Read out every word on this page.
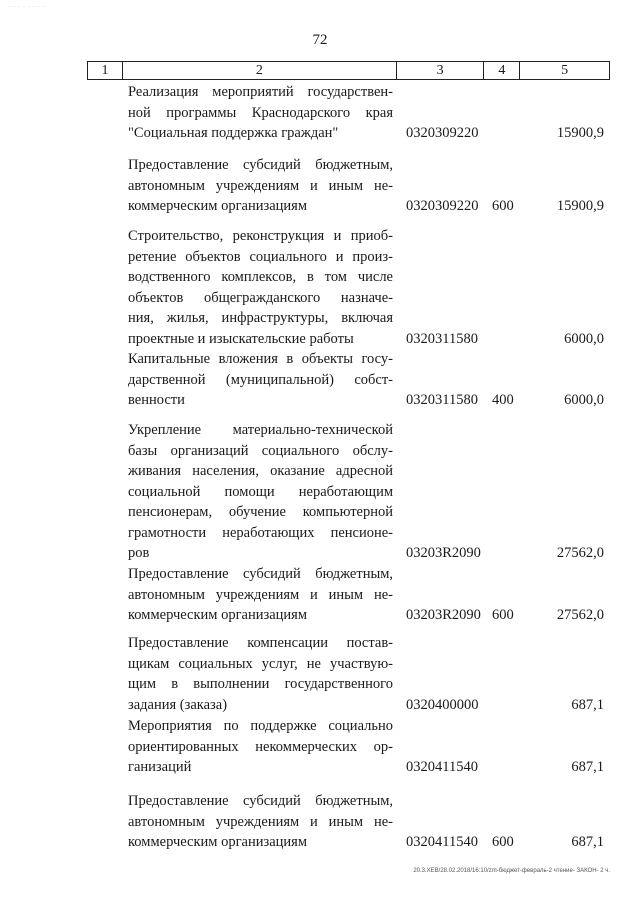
· · · · · · · ·
72
1	2	3	4	5
Реализация мероприятий государствен-
ной программы Краснодарского края
"Социальная поддержка граждан"	0320309220	15900,9
Предоставление субсидий бюджетным,
автономным учреждениям и иным не-
коммерческим организациям	0320309220 600	15900,9
Строительство, реконструкция и приоб-
ретение объектов социального и произ-
водственного комплексов, в том числе
объектов общегражданского назначе-
ния, жилья, инфраструктуры, включая
проектные и изыскательские работы	0320311580	6000,0
Капитальные вложения в объекты госу-
дарственной (муниципальной) собст-
венности	0320311580 400	6000,0
Укрепление материально-технической
базы организаций социального обслу-
живания населения, оказание адресной
социальной помощи неработающим
пенсионерам, обучение компьютерной
грамотности неработающих пенсионе-
ров	03203R2090	27562,0
Предоставление субсидий бюджетным,
автономным учреждениям и иным не-
коммерческим организациям	03203R2090 600	27562,0
Предоставление компенсации постав-
щикам социальных услуг, не участвую-
щим в выполнении государственного
задания (заказа)	0320400000	687,1
Мероприятия по поддержке социально
ориентированных некоммерческих ор-
ганизаций	0320411540	687,1
Предоставление субсидий бюджетным,
автономным учреждениям и иным не-
коммерческим организациям	0320411540 600	687,1
20.3.XEB/28.02.2018/16:10/zm-бюджет-февраль-2 чтение- ЗАКОН- 2 ч.
